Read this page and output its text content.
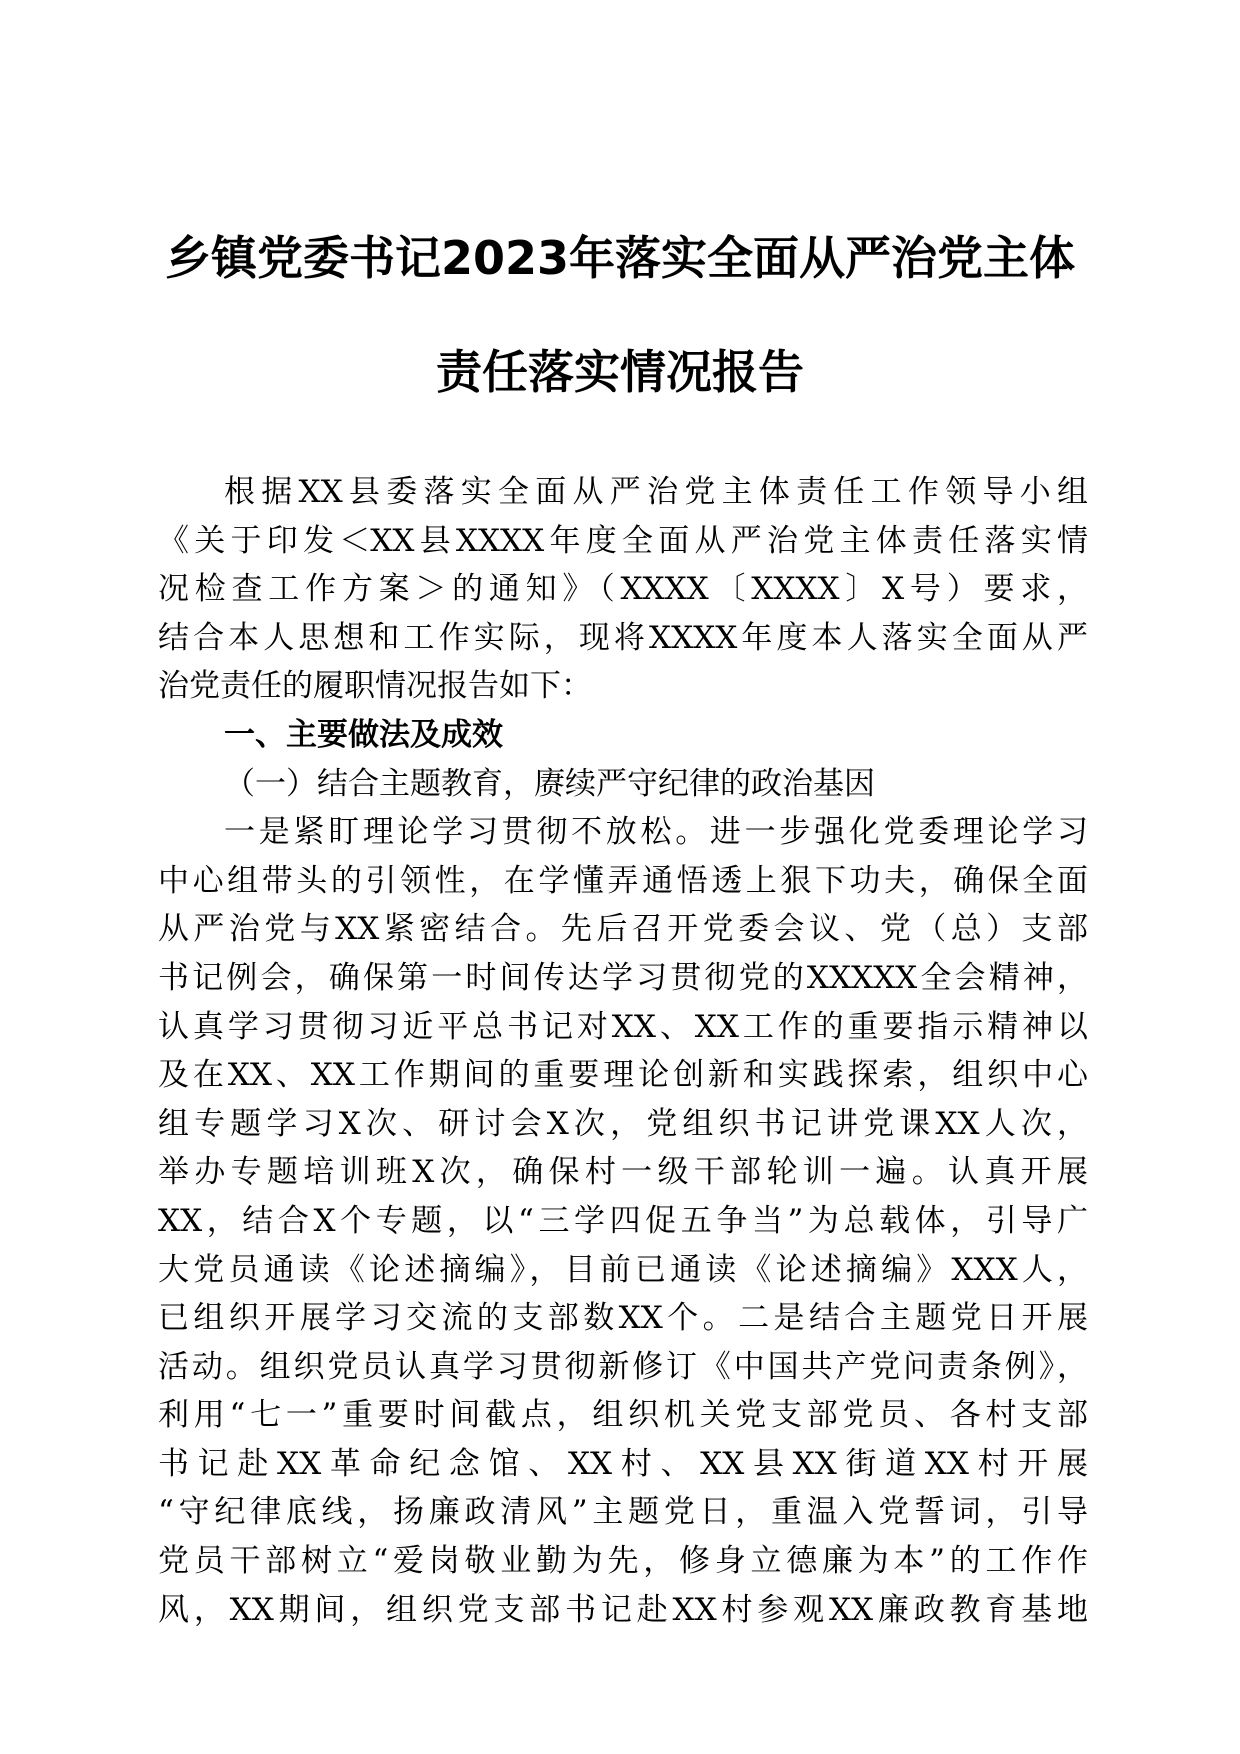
乡镇党委书记2023年落实全面从严治党主体
责任落实情况报告
根据XX县委落实全面从严治党主体责任工作领导小组
《关于印发＜XX县XXXX年度全面从严治党主体责任落实情
况检查工作方案＞的通知》（XXXX〔XXXX〕X号）要求，
结合本人思想和工作实际，现将XXXX年度本人落实全面从严
治党责任的履职情况报告如下：
一、主要做法及成效
（一）结合主题教育，赓续严守纪律的政治基因
一是紧盯理论学习贯彻不放松。进一步强化党委理论学习
中心组带头的引领性，在学懂弄通悟透上狠下功夫，确保全面
从严治党与XX紧密结合。先后召开党委会议、党（总）支部
书记例会，确保第一时间传达学习贯彻党的XXXXX全会精神，
认真学习贯彻习近平总书记对XX、XX工作的重要指示精神以
及在XX、XX工作期间的重要理论创新和实践探索，组织中心
组专题学习X次、研讨会X次，党组织书记讲党课XX人次，
举办专题培训班X次，确保村一级干部轮训一遍。认真开展
XX，结合X个专题，以“三学四促五争当”为总载体，引导广
大党员通读《论述摘编》，目前已通读《论述摘编》XXX人，
已组织开展学习交流的支部数XX个。二是结合主题党日开展
活动。组织党员认真学习贯彻新修订《中国共产党问责条例》，
利用“七一”重要时间截点，组织机关党支部党员、各村支部
书记赴XX革命纪念馆、XX村、XX县XX街道XX村开展
“守纪律底线，扬廉政清风”主题党日，重温入党誓词，引导
党员干部树立“爱岗敬业勤为先，修身立德廉为本”的工作作
风，XX期间，组织党支部书记赴XX村参观XX廉政教育基地
